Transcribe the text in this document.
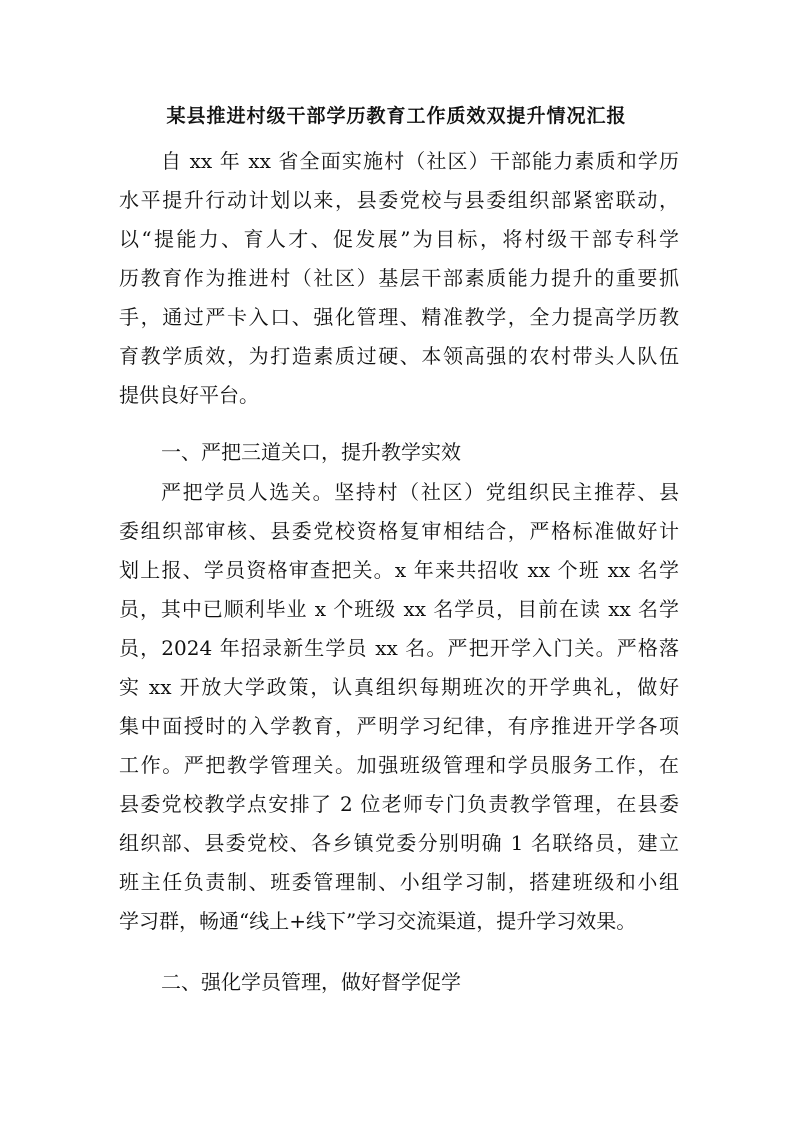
某县推进村级干部学历教育工作质效双提升情况汇报

自 xx 年 xx 省全面实施村（社区）干部能力素质和学历

水平提升行动计划以来，县委党校与县委组织部紧密联动，

以“提能力、育人才、促发展”为目标，将村级干部专科学

历教育作为推进村（社区）基层干部素质能力提升的重要抓

手，通过严卡入口、强化管理、精准教学，全力提高学历教

育教学质效，为打造素质过硬、本领高强的农村带头人队伍

提供良好平台。

一、严把三道关口，提升教学实效

严把学员人选关。坚持村（社区）党组织民主推荐、县

委组织部审核、县委党校资格复审相结合，严格标准做好计

划上报、学员资格审查把关。x 年来共招收 xx 个班 xx 名学

员，其中已顺利毕业 x 个班级 xx 名学员，目前在读 xx 名学

员，2024 年招录新生学员 xx 名。严把开学入门关。严格落

实 xx 开放大学政策，认真组织每期班次的开学典礼，做好

集中面授时的入学教育，严明学习纪律，有序推进开学各项

工作。严把教学管理关。加强班级管理和学员服务工作，在

县委党校教学点安排了 2 位老师专门负责教学管理，在县委

组织部、县委党校、各乡镇党委分别明确 1 名联络员，建立

班主任负责制、班委管理制、小组学习制，搭建班级和小组

学习群，畅通“线上+线下”学习交流渠道，提升学习效果。

二、强化学员管理，做好督学促学
